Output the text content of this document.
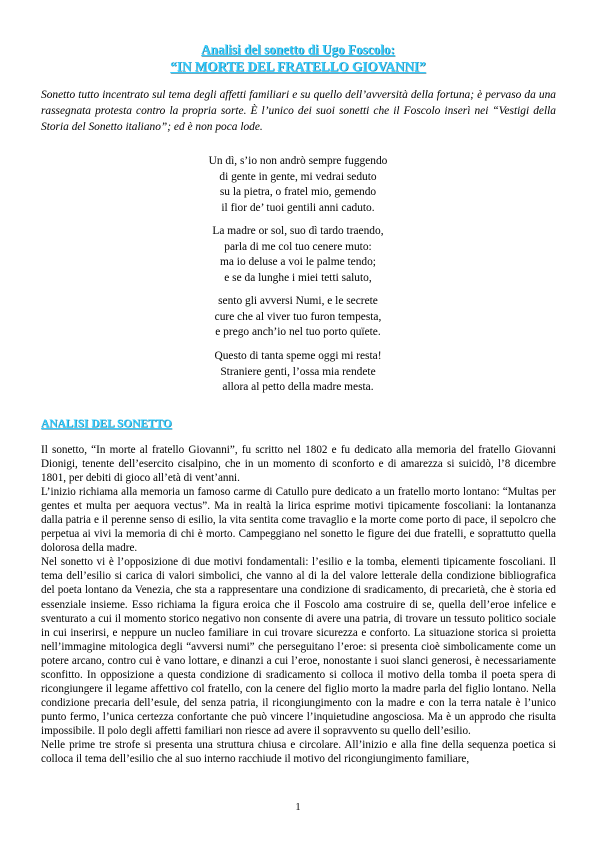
Analisi del sonetto di Ugo Foscolo:
“IN MORTE DEL FRATELLO GIOVANNI”

Sonetto tutto incentrato sul tema degli affetti familiari e su quello dell’avversità della fortuna; è pervaso da una rassegnata protesta contro la propria sorte. È l’unico dei suoi sonetti che il Foscolo inserì nei “Vestigi della Storia del Sonetto italiano”; ed è non poca lode.

Un dì, s’io non andrò sempre fuggendo
di gente in gente, mi vedrai seduto
su la pietra, o fratel mio, gemendo
il fior de’ tuoi gentili anni caduto.
La madre or sol, suo dì tardo traendo,
parla di me col tuo cenere muto:
ma io deluse a voi le palme tendo;
e se da lunghe i miei tetti saluto,
sento gli avversi Numi, e le secrete
cure che al viver tuo furon tempesta,
e prego anch’io nel tuo porto quïete.
Questo di tanta speme oggi mi resta!
Straniere genti, l’ossa mia rendete
allora al petto della madre mesta.
ANALISI DEL SONETTO

Il sonetto, “In morte al fratello Giovanni”, fu scritto nel 1802 e fu dedicato alla memoria del fratello Giovanni Dionigi, tenente dell’esercito cisalpino, che in un momento di sconforto e di amarezza si suicidò, l’8 dicembre 1801, per debiti di gioco all’età di vent’anni.

L’inizio richiama alla memoria un famoso carme di Catullo pure dedicato a un fratello morto lontano: “Multas per gentes et multa per aequora vectus”. Ma in realtà la lirica esprime motivi tipicamente foscoliani: la lontananza dalla patria e il perenne senso di esilio, la vita sentita come travaglio e la morte come porto di pace, il sepolcro che perpetua ai vivi la memoria di chi è morto. Campeggiano nel sonetto le figure dei due fratelli, e soprattutto quella dolorosa della madre.

Nel sonetto vi è l’opposizione di due motivi fondamentali: l’esilio e la tomba, elementi tipicamente foscoliani. Il tema dell’esilio si carica di valori simbolici, che vanno al di la del valore letterale della condizione bibliografica del poeta lontano da Venezia, che sta a rappresentare una condizione di sradicamento, di precarietà, che è storia ed essenziale insieme. Esso richiama la figura eroica che il Foscolo ama costruire di se, quella dell’eroe infelice e sventurato a cui il momento storico negativo non consente di avere una patria, di trovare un tessuto politico sociale in cui inserirsi, e neppure un nucleo familiare in cui trovare sicurezza e conforto. La situazione storica si proietta nell’immagine mitologica degli “avversi numi” che perseguitano l’eroe: si presenta cioè simbolicamente come un potere arcano, contro cui è vano lottare, e dinanzi a cui l’eroe, nonostante i suoi slanci generosi, è necessariamente sconfitto. In opposizione a questa condizione di sradicamento si colloca il motivo della tomba il poeta spera di ricongiungere il legame affettivo col fratello, con la cenere del figlio morto la madre parla del figlio lontano. Nella condizione precaria dell’esule, del senza patria, il ricongiungimento con la madre e con la terra natale è l’unico punto fermo, l’unica certezza confortante che può vincere l’inquietudine angosciosa. Ma è un approdo che risulta impossibile. Il polo degli affetti familiari non riesce ad avere il sopravvento su quello dell’esilio.

Nelle prime tre strofe si presenta una struttura chiusa e circolare. All’inizio e alla fine della sequenza poetica si colloca il tema dell’esilio che al suo interno racchiude il motivo del ricongiungimento familiare,

1
